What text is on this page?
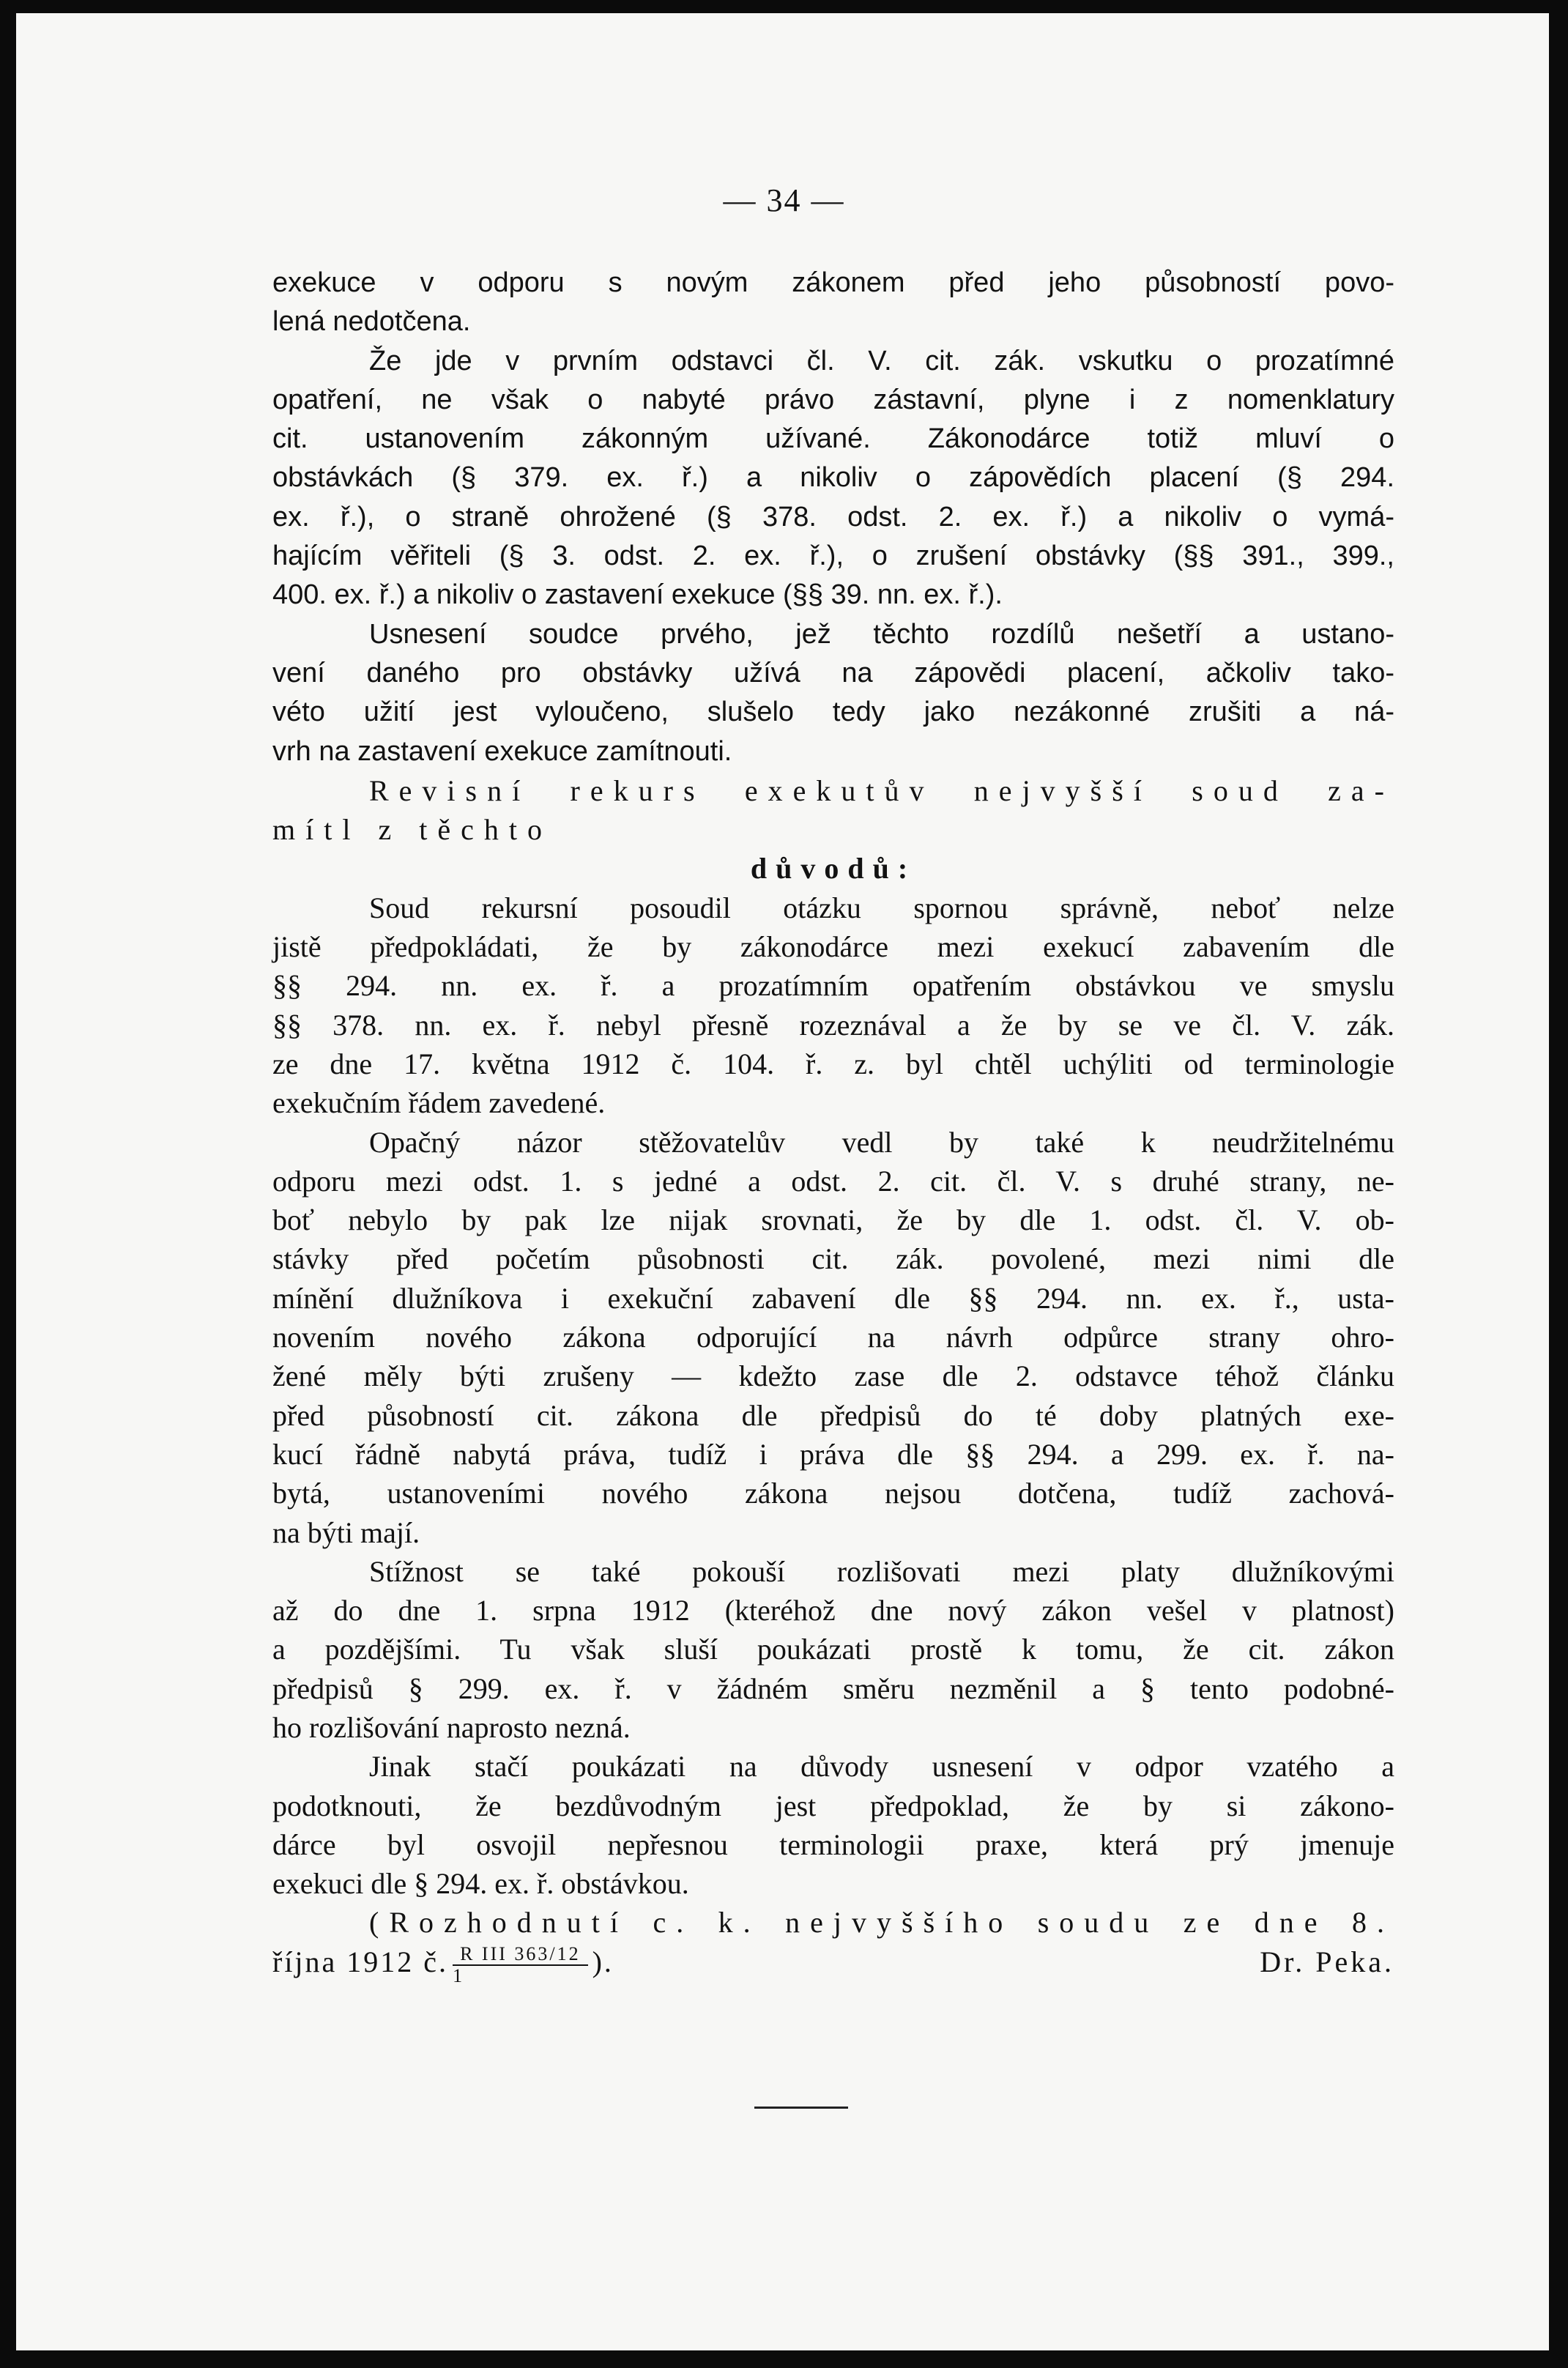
— 34 —
exekuce v odporu s novým zákonem před jeho působností povo-
lená nedotčena.
Že jde v prvním odstavci čl. V. cit. zák. vskutku o prozatímné
opatření, ne však o nabyté právo zástavní, plyne i z nomenklatury
cit. ustanovením zákonným užívané. Zákonodárce totiž mluví o
obstávkách (§ 379. ex. ř.) a nikoliv o zápovědích placení (§ 294.
ex. ř.), o straně ohrožené (§ 378. odst. 2. ex. ř.) a nikoliv o vymá-
hajícím věřiteli (§ 3. odst. 2. ex. ř.), o zrušení obstávky (§§ 391., 399.,
400. ex. ř.) a nikoliv o zastavení exekuce (§§ 39. nn. ex. ř.).
Usnesení soudce prvého, jež těchto rozdílů nešetří a ustano-
vení daného pro obstávky užívá na zápovědi placení, ačkoliv tako-
véto užití jest vyloučeno, slušelo tedy jako nezákonné zrušiti a ná-
vrh na zastavení exekuce zamítnouti.
Revisní rekurs exekutův nejvyšší soud za-
mítl z těchto
důvodů:
Soud rekursní posoudil otázku spornou správně, neboť nelze
jistě předpokládati, že by zákonodárce mezi exekucí zabavením dle
§§ 294. nn. ex. ř. a prozatímním opatřením obstávkou ve smyslu
§§ 378. nn. ex. ř. nebyl přesně rozeznával a že by se ve čl. V. zák.
ze dne 17. května 1912 č. 104. ř. z. byl chtěl uchýliti od terminologie
exekučním řádem zavedené.
Opačný názor stěžovatelův vedl by také k neudržitelnému
odporu mezi odst. 1. s jedné a odst. 2. cit. čl. V. s druhé strany, ne-
boť nebylo by pak lze nijak srovnati, že by dle 1. odst. čl. V. ob-
stávky před početím působnosti cit. zák. povolené, mezi nimi dle
mínění dlužníkova i exekuční zabavení dle §§ 294. nn. ex. ř., usta-
novením nového zákona odporující na návrh odpůrce strany ohro-
žené měly býti zrušeny — kdežto zase dle 2. odstavce téhož článku
před působností cit. zákona dle předpisů do té doby platných exe-
kucí řádně nabytá práva, tudíž i práva dle §§ 294. a 299. ex. ř. na-
bytá, ustanoveními nového zákona nejsou dotčena, tudíž zachová-
na býti mají.
Stížnost se také pokouší rozlišovati mezi platy dlužníkovými
až do dne 1. srpna 1912 (kteréhož dne nový zákon vešel v platnost)
a pozdějšími. Tu však sluší poukázati prostě k tomu, že cit. zákon
předpisů § 299. ex. ř. v žádném směru nezměnil a § tento podobné-
ho rozlišování naprosto nezná.
Jinak stačí poukázati na důvody usnesení v odpor vzatého a
podotknouti, že bezdůvodným jest předpoklad, že by si zákono-
dárce byl osvojil nepřesnou terminologii praxe, která prý jmenuje
exekuci dle § 294. ex. ř. obstávkou.
(Rozhodnutí c. k. nejvyššího soudu ze dne 8.
října 1912 č. $\frac{\text{R III 363/12}}{1}$ ).	Dr. Peka.
